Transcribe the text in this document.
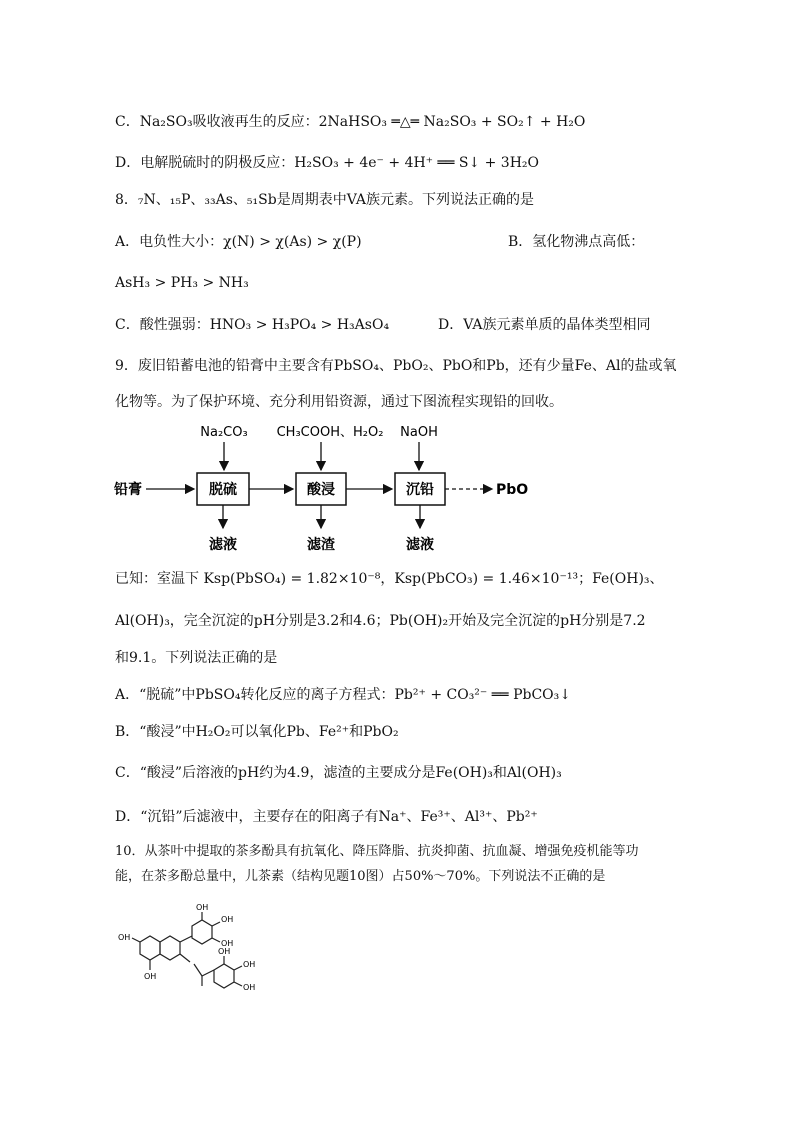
C．Na₂SO₃吸收液再生的反应：2NaHSO₃ ═△═ Na₂SO₃ + SO₂↑ + H₂O
D．电解脱硫时的阴极反应：H₂SO₃ + 4e⁻ + 4H⁺ ══ S↓ + 3H₂O
8．₇N、₁₅P、₃₃As、₅₁Sb是周期表中VA族元素。下列说法正确的是
A．电负性大小：χ(N) > χ(As) > χ(P)	B．氢化物沸点高低：
AsH₃ > PH₃ > NH₃
C．酸性强弱：HNO₃ > H₃PO₄ > H₃AsO₄	D．VA族元素单质的晶体类型相同
9．废旧铅蓄电池的铅膏中主要含有PbSO₄、PbO₂、PbO和Pb，还有少量Fe、Al的盐或氧
化物等。为了保护环境、充分利用铅资源，通过下图流程实现铅的回收。
Na₂CO₃ CH₃COOH、H₂O₂ NaOH
铅膏	脱硫	酸浸	沉铅	PbO
滤液	滤渣	滤液
已知：室温下 Ksp(PbSO₄) = 1.82×10⁻⁸，Ksp(PbCO₃) = 1.46×10⁻¹³；Fe(OH)₃、
Al(OH)₃，完全沉淀的pH分别是3.2和4.6；Pb(OH)₂开始及完全沉淀的pH分别是7.2
和9.1。下列说法正确的是
A．“脱硫”中PbSO₄转化反应的离子方程式：Pb²⁺ + CO₃²⁻ ══ PbCO₃↓
B．“酸浸”中H₂O₂可以氧化Pb、Fe²⁺和PbO₂
C．“酸浸”后溶液的pH约为4.9，滤渣的主要成分是Fe(OH)₃和Al(OH)₃
D．“沉铅”后滤液中，主要存在的阳离子有Na⁺、Fe³⁺、Al³⁺、Pb²⁺
10．从茶叶中提取的茶多酚具有抗氧化、降压降脂、抗炎抑菌、抗血凝、增强免疫机能等功
能，在茶多酚总量中，儿茶素（结构见题10图）占50%～70%。下列说法不正确的是
OH
OH
OH
OH
OH
OH
OH
OH
